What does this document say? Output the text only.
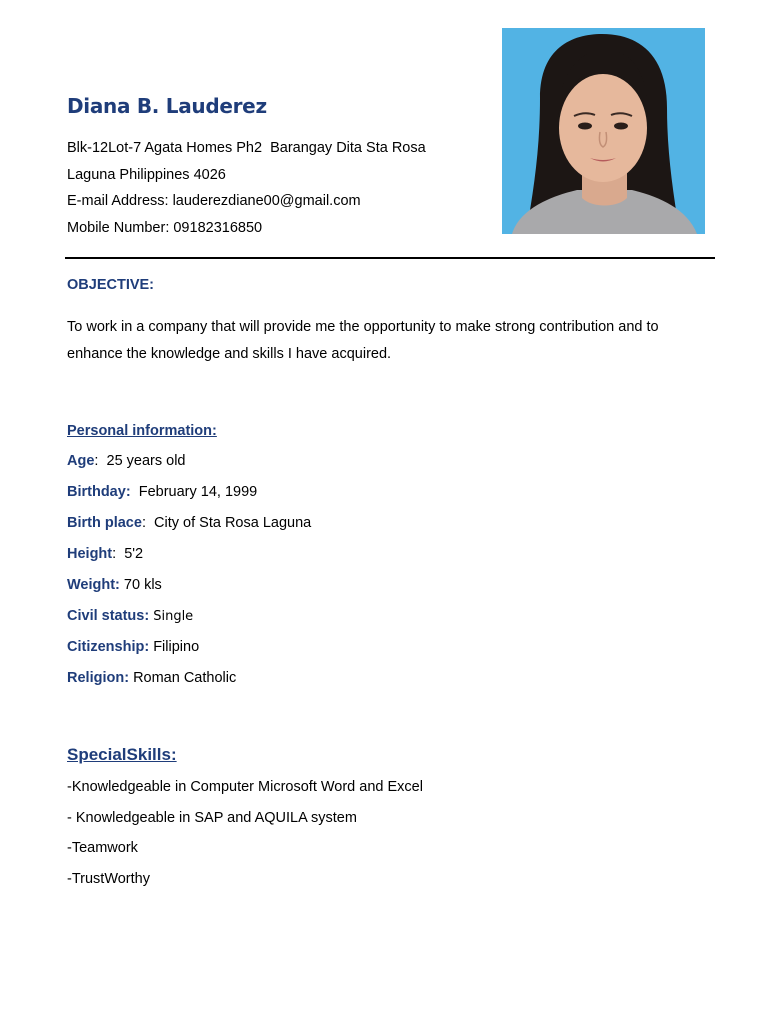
Diana B. Lauderez
Blk-12Lot-7 Agata Homes Ph2  Barangay Dita Sta Rosa
Laguna Philippines 4026
E-mail Address: lauderezdiane00@gmail.com
Mobile Number: 09182316850
OBJECTIVE:
To work in a company that will provide me the opportunity to make strong contribution and to enhance the knowledge and skills I have acquired.
Personal information:
Age:  25 years old
Birthday: February 14, 1999
Birth place:  City of Sta Rosa Laguna
Height:  5'2
Weight: 70 kls
Civil status: Single
Citizenship: Filipino
Religion: Roman Catholic
SpecialSkills:
-Knowledgeable in Computer Microsoft Word and Excel
- Knowledgeable in SAP and AQUILA system
-Teamwork
-TrustWorthy
